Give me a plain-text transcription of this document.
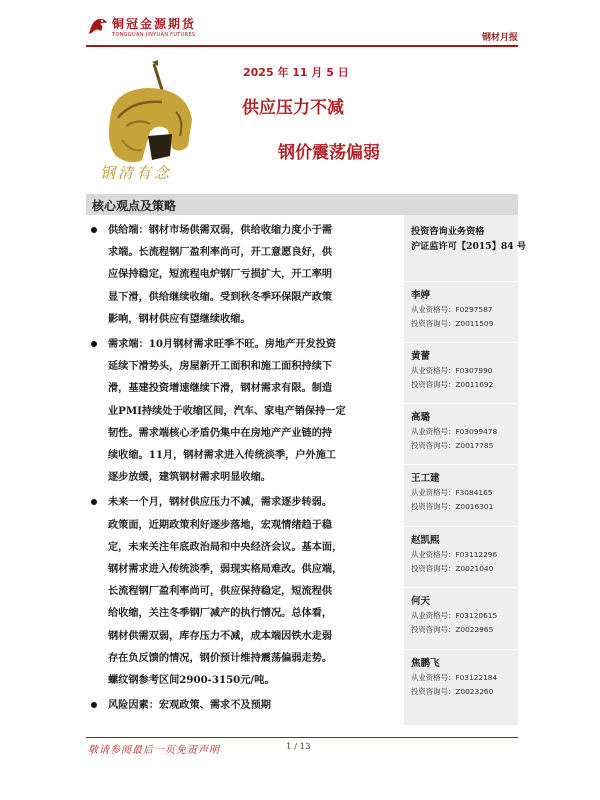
铜冠金源期货
TONGGUAN JINYUAN FUTURES	钢材月报
2025 年 11 月 5 日
钢清有念
供应压力不减
钢价震荡偏弱
核心观点及策略
供给端：钢材市场供需双弱，供给收缩力度小于需
求端。长流程钢厂盈利率尚可，开工意愿良好，供
应保持稳定，短流程电炉钢厂亏损扩大，开工率明
显下滑，供给继续收缩。受到秋冬季环保限产政策
影响，钢材供应有望继续收缩。
需求端：10月钢材需求旺季不旺。房地产开发投资
延续下滑势头，房屋新开工面积和施工面积持续下
滑，基建投资增速继续下滑，钢材需求有限。制造
业PMI持续处于收缩区间，汽车、家电产销保持一定
韧性。需求端核心矛盾仍集中在房地产产业链的持
续收缩。11月，钢材需求进入传统淡季，户外施工
逐步放缓，建筑钢材需求明显收缩。
未来一个月，钢材供应压力不减，需求逐步转弱。
政策面，近期政策利好逐步落地，宏观情绪趋于稳
定，未来关注年底政治局和中央经济会议。基本面，
钢材需求进入传统淡季，弱现实格局难改。供应端，
长流程钢厂盈利率尚可，供应保持稳定，短流程供
给收缩，关注冬季钢厂减产的执行情况。总体看，
钢材供需双弱，库存压力不减，成本端因铁水走弱
存在负反馈的情况，钢价预计维持震荡偏弱走势。
螺纹钢参考区间2900-3150元/吨。
风险因素：宏观政策、需求不及预期
投资咨询业务资格
沪证监许可【2015】84 号
李婷
从业资格号：F0297587
投资咨询号：Z0011509
黄蕾
从业资格号：F0307990
投资咨询号：Z0011692
高璐
从业资格号：F03099478
投资咨询号：Z0017785
王工建
从业资格号：F3084165
投资咨询号：Z0016301
赵凯熙
从业资格号：F03112296
投资咨询号：Z0021040
何天
从业资格号：F03120615
投资咨询号：Z0022965
焦鹏飞
从业资格号：F03122184
投资咨询号：Z0023260
敬请参阅最后一页免责声明	1 / 13
